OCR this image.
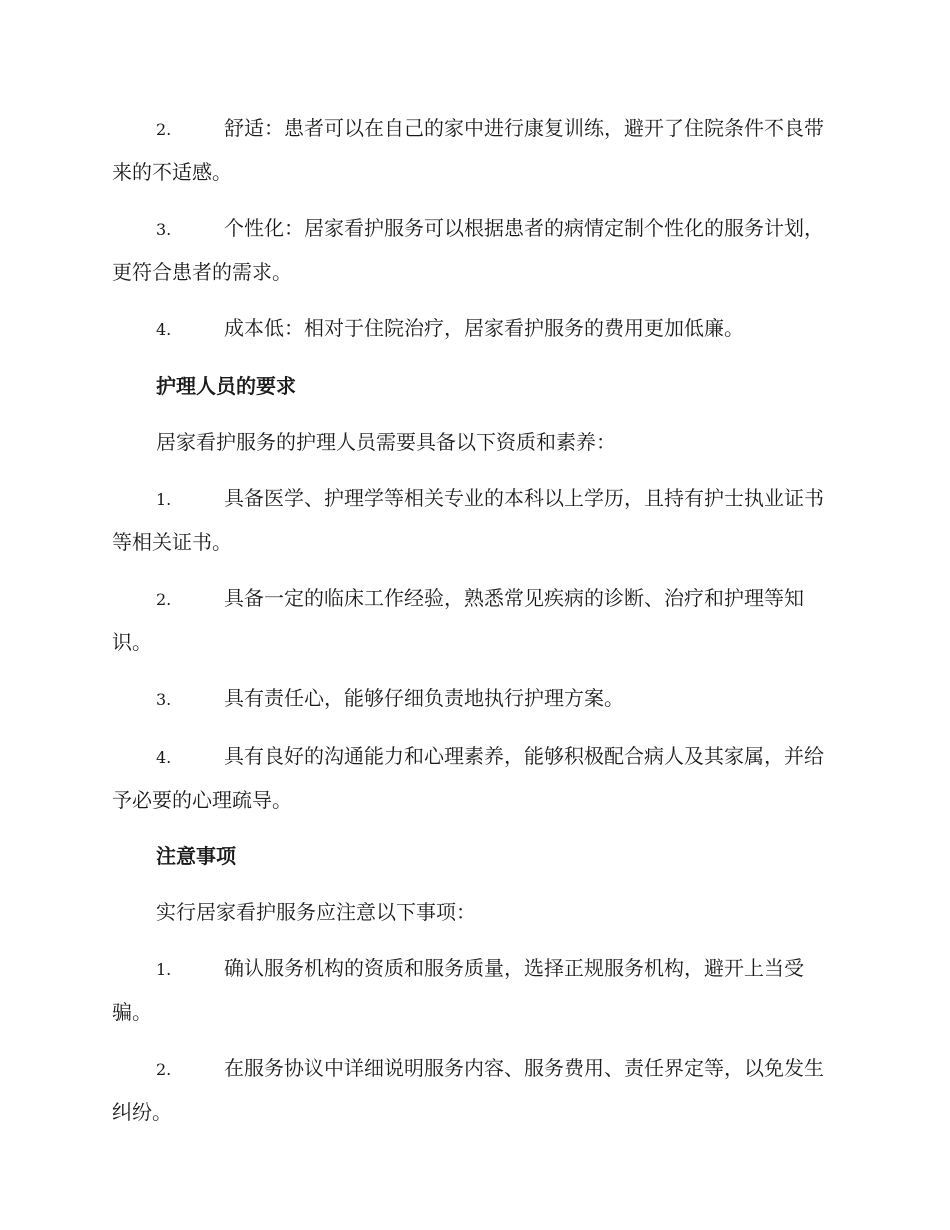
2.	舒适：患者可以在自己的家中进行康复训练，避开了住院条件不良带来的不适感。

3.	个性化：居家看护服务可以根据患者的病情定制个性化的服务计划，更符合患者的需求。

4.	成本低：相对于住院治疗，居家看护服务的费用更加低廉。

护理人员的要求

居家看护服务的护理人员需要具备以下资质和素养：

1.	具备医学、护理学等相关专业的本科以上学历，且持有护士执业证书等相关证书。

2.	具备一定的临床工作经验，熟悉常见疾病的诊断、治疗和护理等知识。

3.	具有责任心，能够仔细负责地执行护理方案。

4.	具有良好的沟通能力和心理素养，能够积极配合病人及其家属，并给予必要的心理疏导。

注意事项

实行居家看护服务应注意以下事项：

1.	确认服务机构的资质和服务质量，选择正规服务机构，避开上当受骗。

2.	在服务协议中详细说明服务内容、服务费用、责任界定等，以免发生纠纷。
